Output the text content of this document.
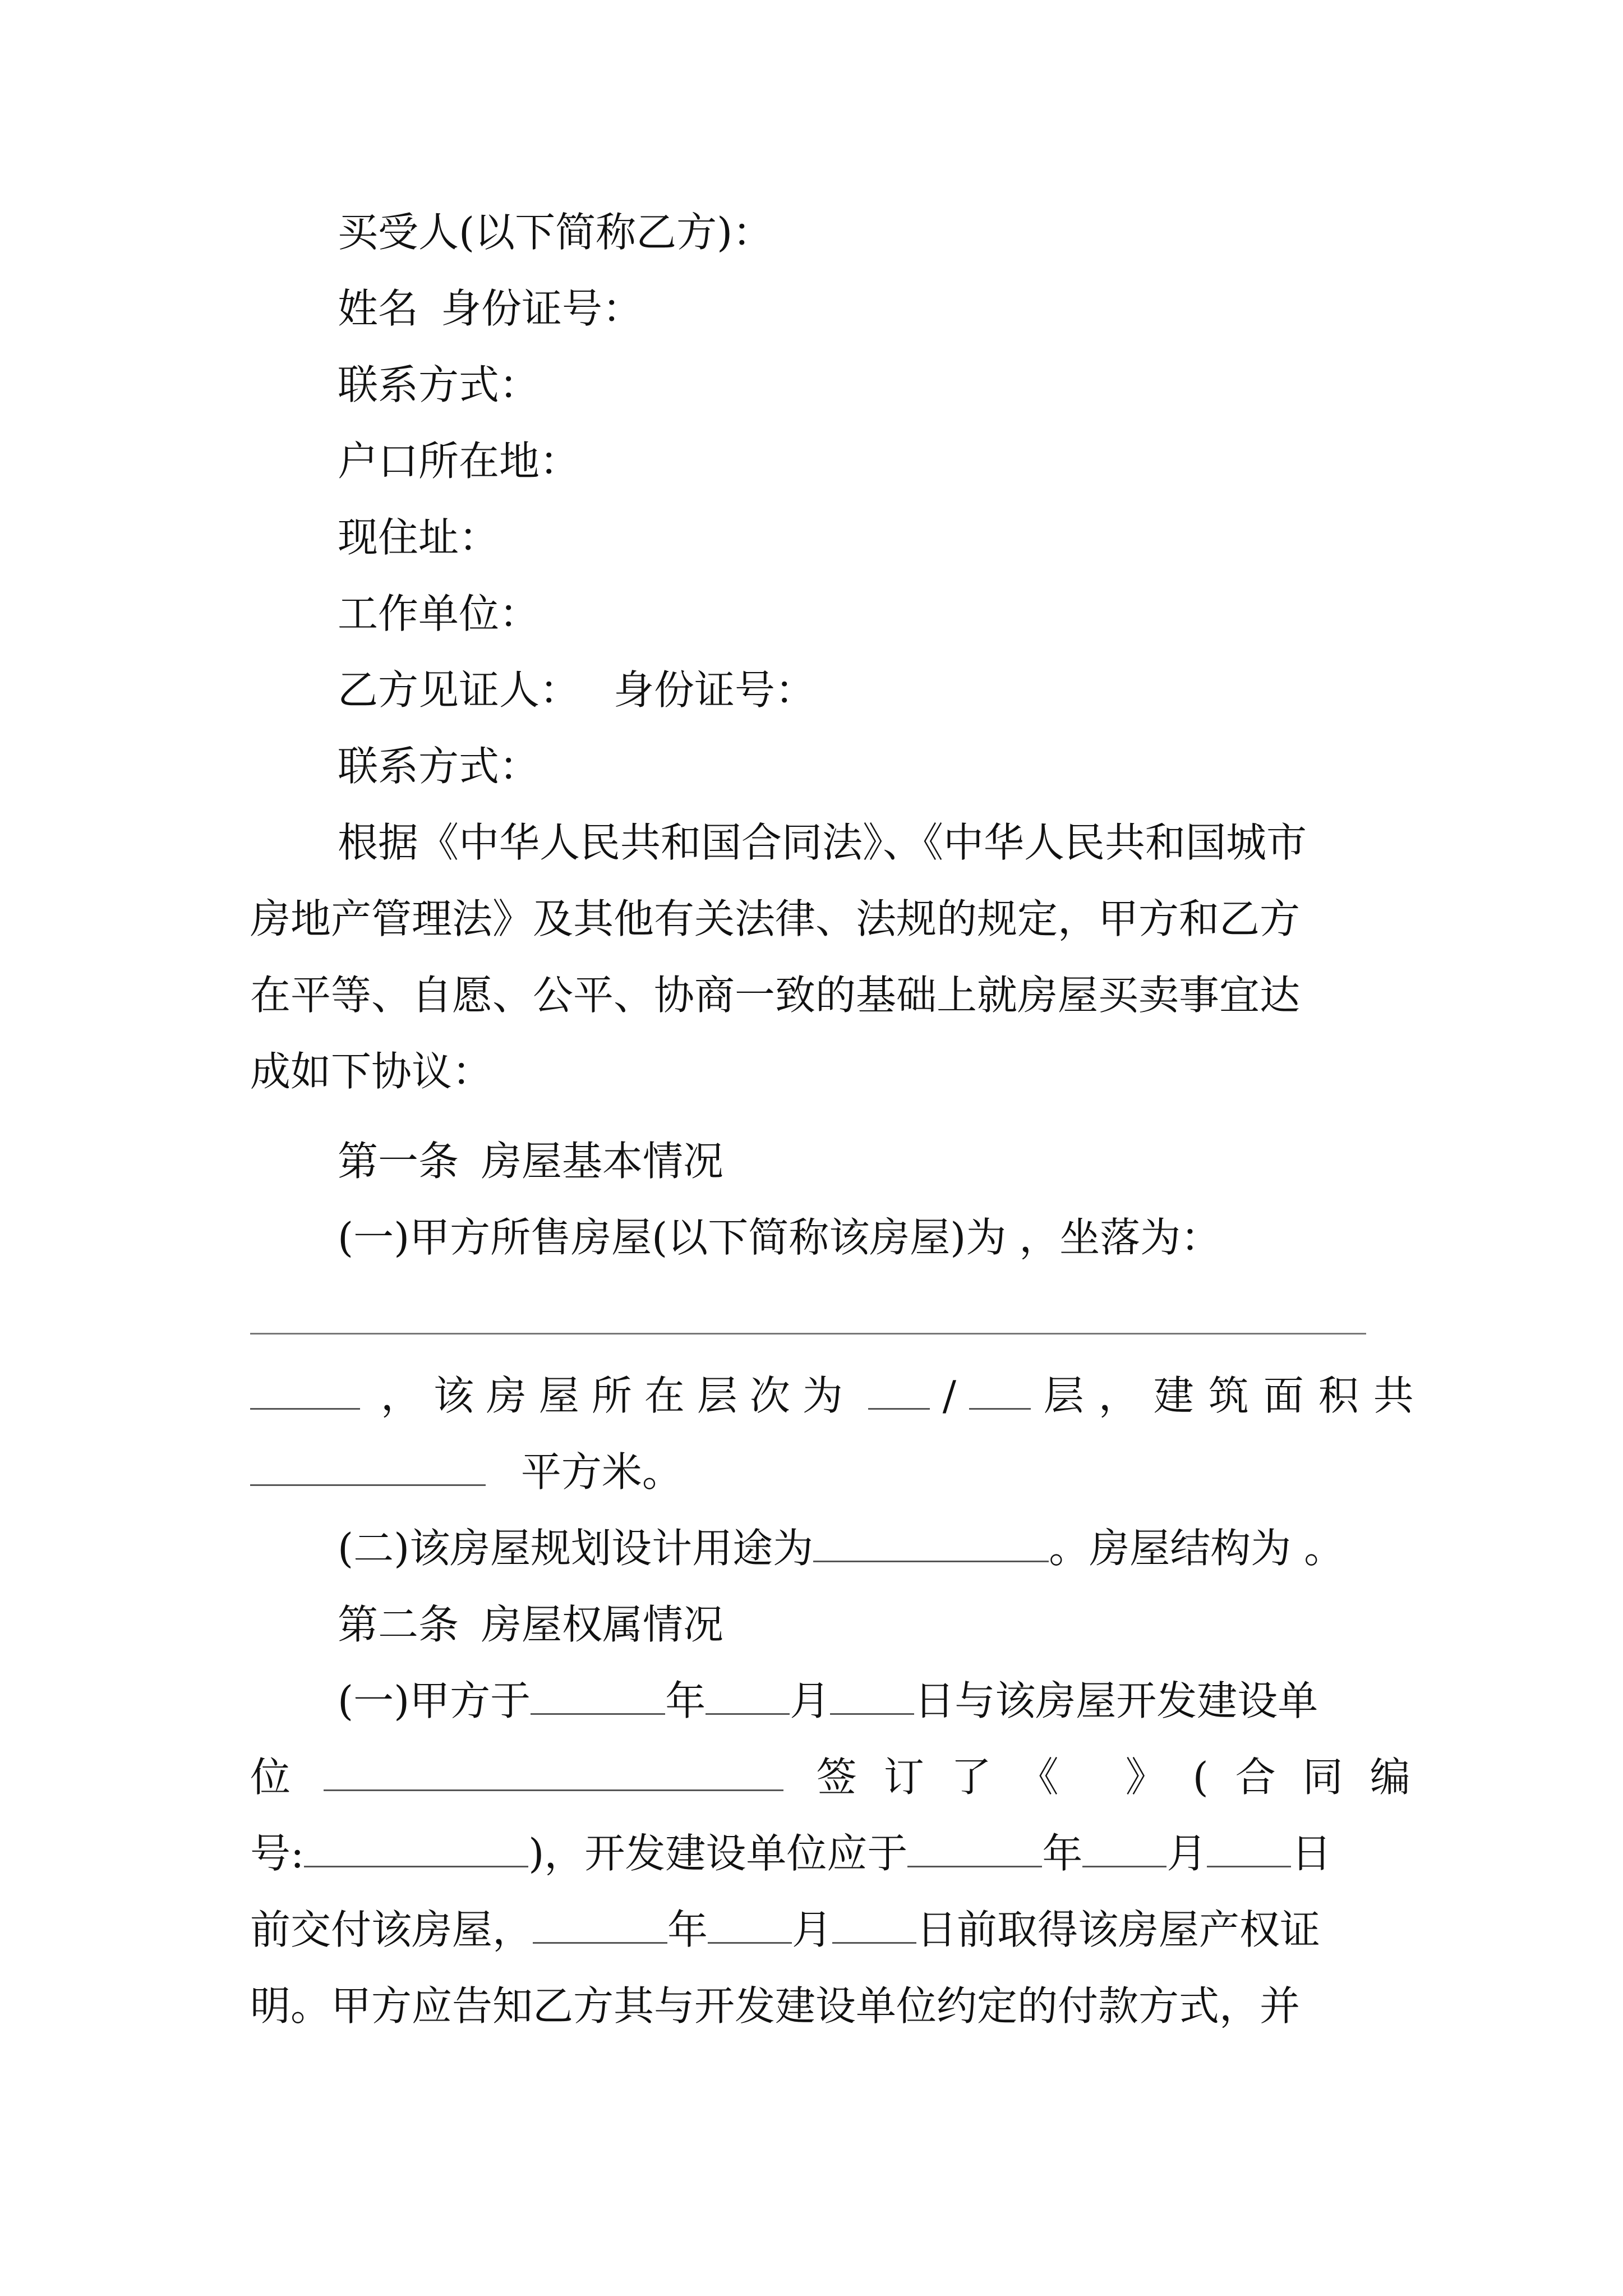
买受人(以下简称乙方)：
姓名 身份证号：
联系方式：
户口所在地：
现住址：
工作单位：
乙方见证人： 身份证号：
联系方式：
根据《中华人民共和国合同法》、《中华人民共和国城市
房地产管理法》及其他有关法律、法规的规定，甲方和乙方
在平等、自愿、公平、协商一致的基础上就房屋买卖事宜达
成如下协议：
第一条 房屋基本情况
(一)甲方所售房屋(以下简称该房屋)为 ，坐落为：
，该房屋所在层次为 / 层，建筑面积共
平方米。
(二)该房屋规划设计用途为	。房屋结构为 。
第二条 房屋权属情况
(一)甲方于	年 月 日与该房屋开发建设单
位	签订了《 》(合同编
号:	)，开发建设单位应于	年 月 日
前交付该房屋，	年 月 日前取得该房屋产权证
明。甲方应告知乙方其与开发建设单位约定的付款方式，并
